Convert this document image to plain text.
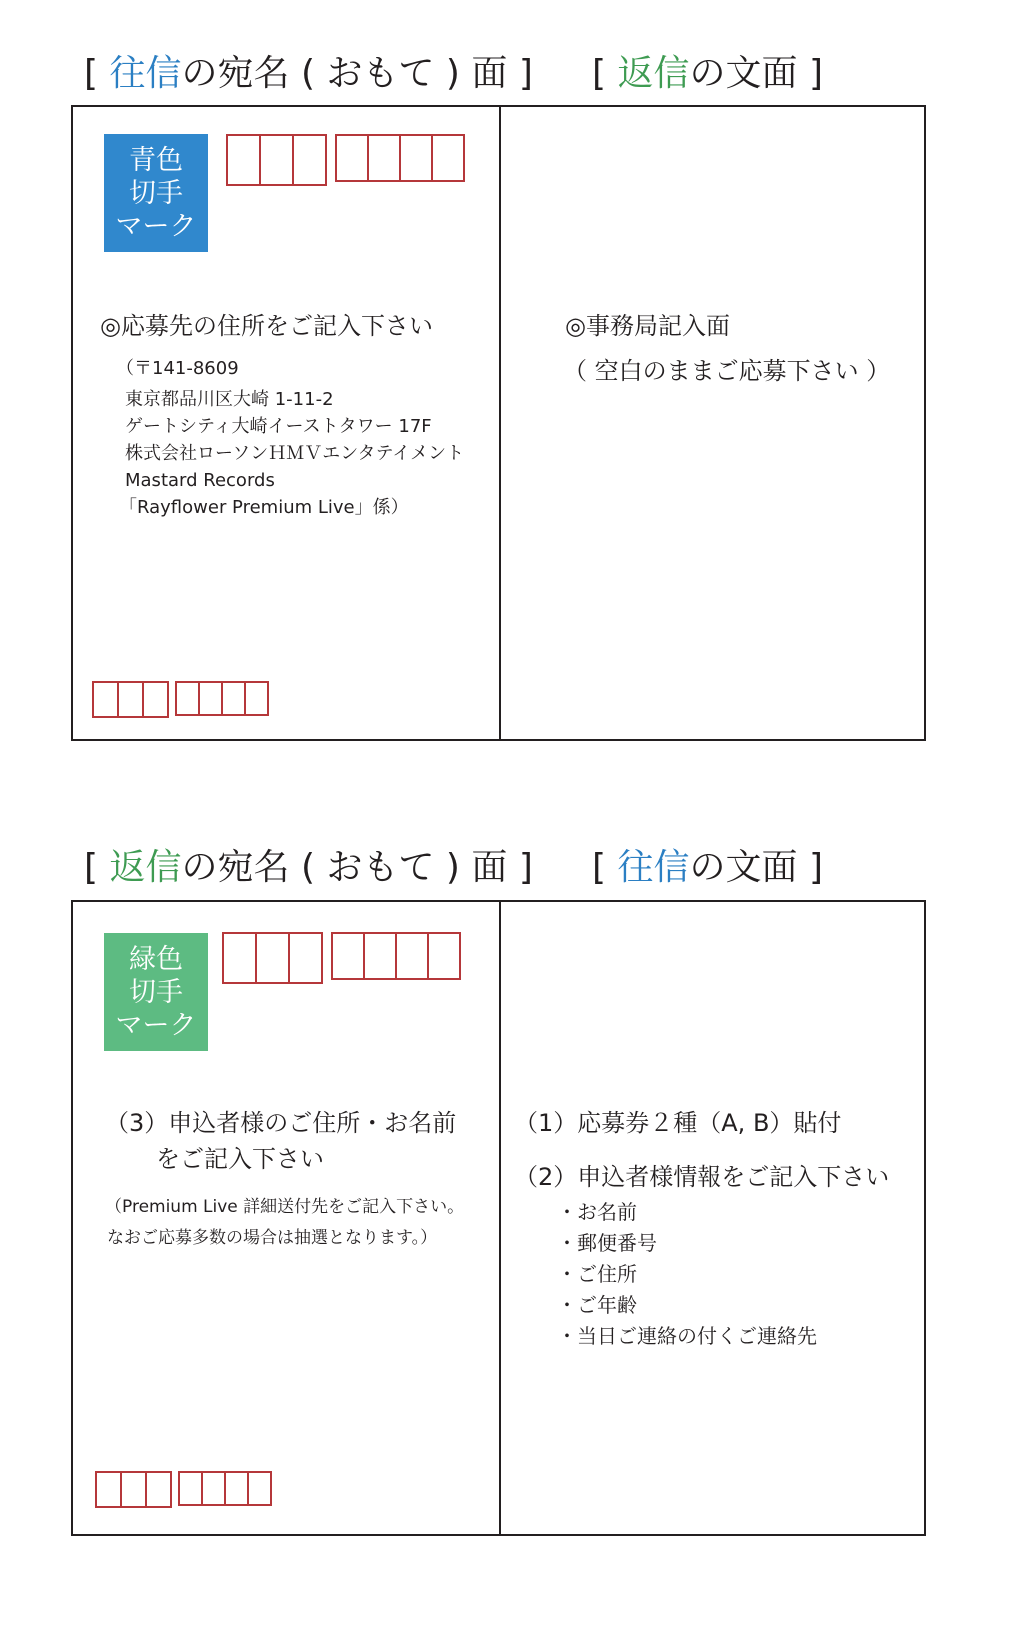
[ 往信の宛名 ( おもて ) 面 ] [ 返信の文面 ]
青色
切手
マーク
◎応募先の住所をご記入下さい
（〒141-8609
東京都品川区大崎 1-11-2
ゲートシティ大崎イーストタワー 17F
株式会社ローソンＨＭＶエンタテイメント
Mastard Records
「Rayflower Premium Live」係）
◎事務局記入面
（ 空白のままご応募下さい ）
[ 返信の宛名 ( おもて ) 面 ] [ 往信の文面 ]
緑色
切手
マーク
（3）申込者様のご住所・お名前
をご記入下さい
（Premium Live 詳細送付先をご記入下さい。
なおご応募多数の場合は抽選となります。）
（1）応募券２種（A, B）貼付
（2）申込者様情報をご記入下さい
・お名前
・郵便番号
・ご住所
・ご年齢
・当日ご連絡の付くご連絡先
